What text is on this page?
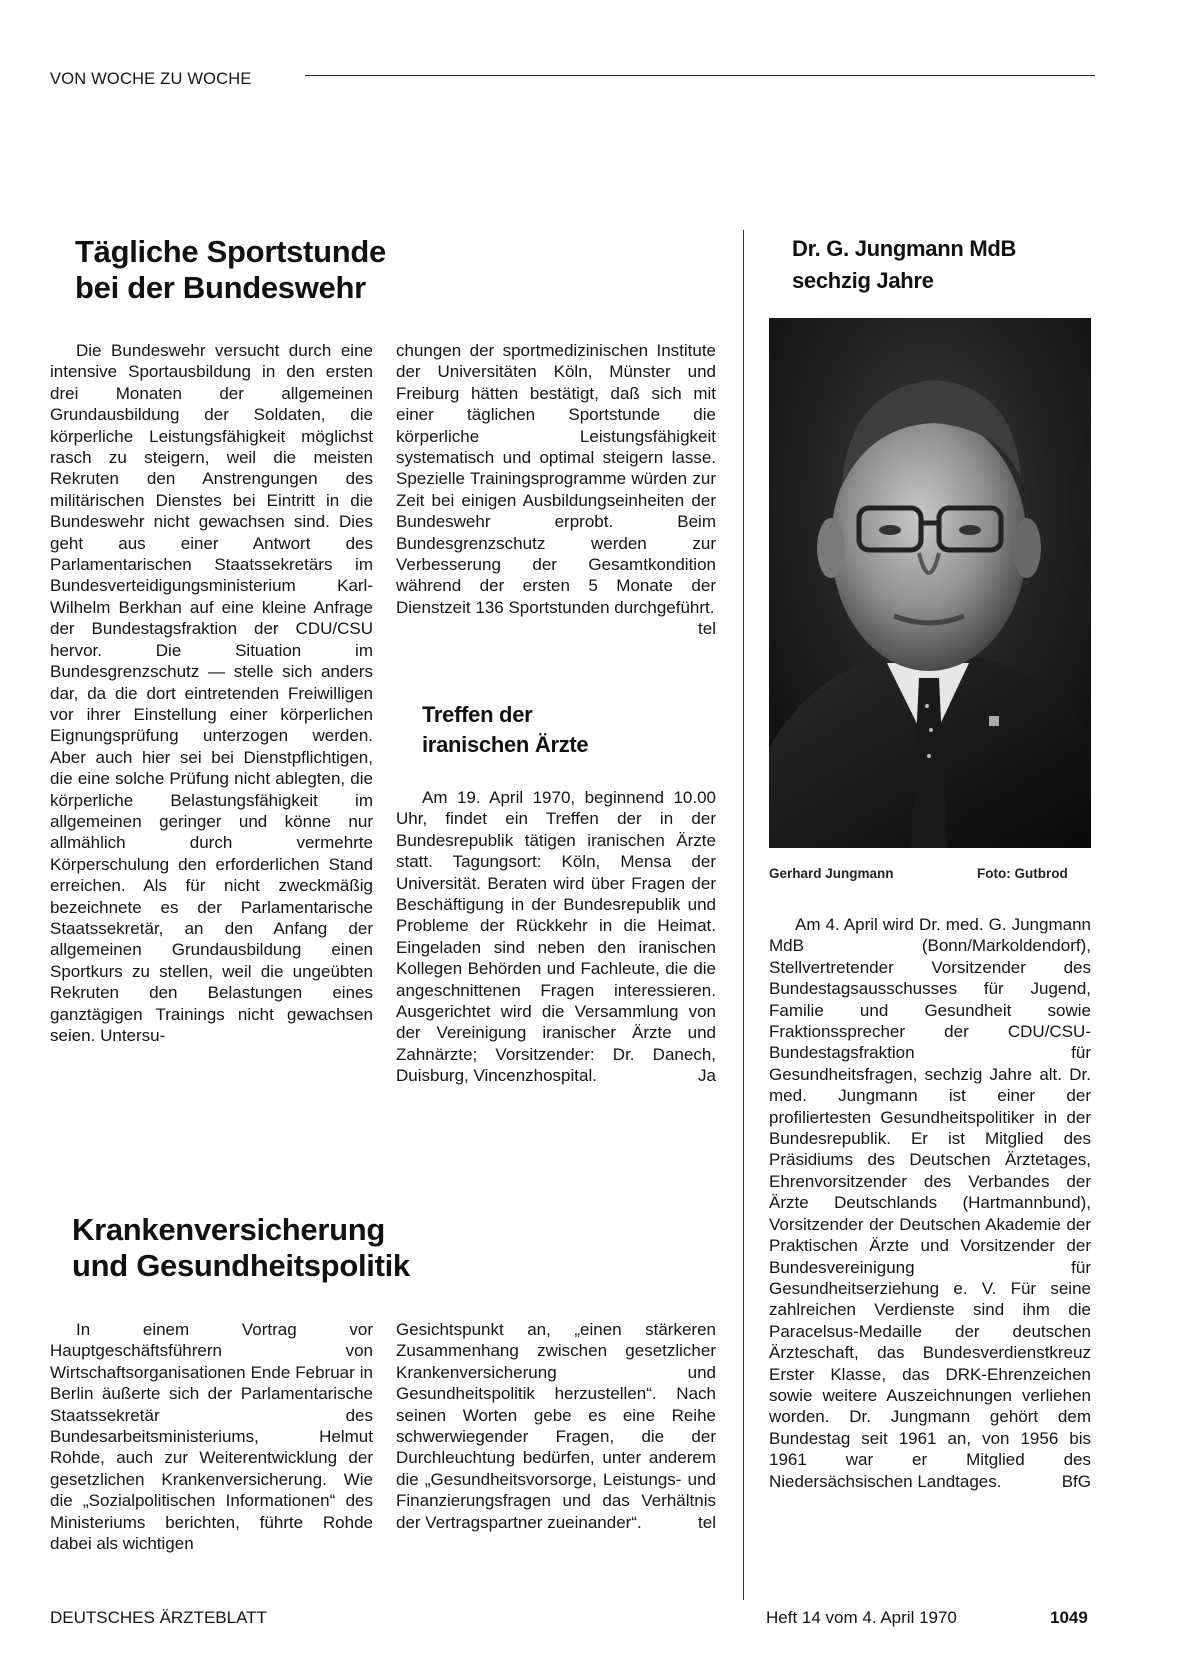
VON WOCHE ZU WOCHE
Tägliche Sportstunde
bei der Bundeswehr

Die Bundeswehr versucht durch eine intensive Sportausbildung in den ersten drei Monaten der allgemeinen Grundausbildung der Soldaten, die körperliche Leistungsfähigkeit möglichst rasch zu steigern, weil die meisten Rekruten den Anstrengungen des militärischen Dienstes bei Eintritt in die Bundeswehr nicht gewachsen sind. Dies geht aus einer Antwort des Parlamentarischen Staatssekretärs im Bundesverteidigungsministerium Karl-Wilhelm Berkhan auf eine kleine Anfrage der Bundestagsfraktion der CDU/CSU hervor. Die Situation im Bundesgrenzschutz — stelle sich anders dar, da die dort eintretenden Freiwilligen vor ihrer Einstellung einer körperlichen Eignungsprüfung unterzogen werden. Aber auch hier sei bei Dienstpflichtigen, die eine solche Prüfung nicht ablegten, die körperliche Belastungsfähigkeit im allgemeinen geringer und könne nur allmählich durch vermehrte Körperschulung den erforderlichen Stand erreichen. Als für nicht zweckmäßig bezeichnete es der Parlamentarische Staatssekretär, an den Anfang der allgemeinen Grundausbildung einen Sportkurs zu stellen, weil die ungeübten Rekruten den Belastungen eines ganztägigen Trainings nicht gewachsen seien. Untersu-

chungen der sportmedizinischen Institute der Universitäten Köln, Münster und Freiburg hätten bestätigt, daß sich mit einer täglichen Sportstunde die körperliche Leistungsfähigkeit systematisch und optimal steigern lasse. Spezielle Trainingsprogramme würden zur Zeit bei einigen Ausbildungseinheiten der Bundeswehr erprobt. Beim Bundesgrenzschutz werden zur Verbesserung der Gesamtkondition während der ersten 5 Monate der Dienstzeit 136 Sportstunden durchgeführt.
tel

Treffen der
iranischen Ärzte

Am 19. April 1970, beginnend 10.00 Uhr, findet ein Treffen der in der Bundesrepublik tätigen iranischen Ärzte statt. Tagungsort: Köln, Mensa der Universität. Beraten wird über Fragen der Beschäftigung in der Bundesrepublik und Probleme der Rückkehr in die Heimat. Eingeladen sind neben den iranischen Kollegen Behörden und Fachleute, die die angeschnittenen Fragen interessieren. Ausgerichtet wird die Versammlung von der Vereinigung iranischer Ärzte und Zahnärzte; Vorsitzender: Dr. Danech, Duisburg, Vincenzhospital.	Ja

Krankenversicherung
und Gesundheitspolitik

In einem Vortrag vor Hauptgeschäftsführern von Wirtschaftsorganisationen Ende Februar in Berlin äußerte sich der Parlamentarische Staatssekretär des Bundesarbeitsministeriums, Helmut Rohde, auch zur Weiterentwicklung der gesetzlichen Krankenversicherung. Wie die „Sozialpolitischen Informationen“ des Ministeriums berichten, führte Rohde dabei als wichtigen

Gesichtspunkt an, „einen stärkeren Zusammenhang zwischen gesetzlicher Krankenversicherung und Gesundheitspolitik herzustellen“. Nach seinen Worten gebe es eine Reihe schwerwiegender Fragen, die der Durchleuchtung bedürfen, unter anderem die „Gesundheitsvorsorge, Leistungs- und Finanzierungsfragen und das Verhältnis der Vertragspartner zueinander“.	tel

Dr. G. Jungmann MdB
sechzig Jahre
Gerhard Jungmann	Foto: Gutbrod

Am 4. April wird Dr. med. G. Jungmann MdB (Bonn/Markoldendorf), Stellvertretender Vorsitzender des Bundestagsausschusses für Jugend, Familie und Gesundheit sowie Fraktionssprecher der CDU/CSU-Bundestagsfraktion für Gesundheitsfragen, sechzig Jahre alt. Dr. med. Jungmann ist einer der profiliertesten Gesundheitspolitiker in der Bundesrepublik. Er ist Mitglied des Präsidiums des Deutschen Ärztetages, Ehrenvorsitzender des Verbandes der Ärzte Deutschlands (Hartmannbund), Vorsitzender der Deutschen Akademie der Praktischen Ärzte und Vorsitzender der Bundesvereinigung für Gesundheitserziehung e. V. Für seine zahlreichen Verdienste sind ihm die Paracelsus-Medaille der deutschen Ärzteschaft, das Bundesverdienstkreuz Erster Klasse, das DRK-Ehrenzeichen sowie weitere Auszeichnungen verliehen worden. Dr. Jungmann gehört dem Bundestag seit 1961 an, von 1956 bis 1961 war er Mitglied des Niedersächsischen Landtages.	BfG

DEUTSCHES ÄRZTEBLATT	Heft 14 vom 4. April 1970	1049
